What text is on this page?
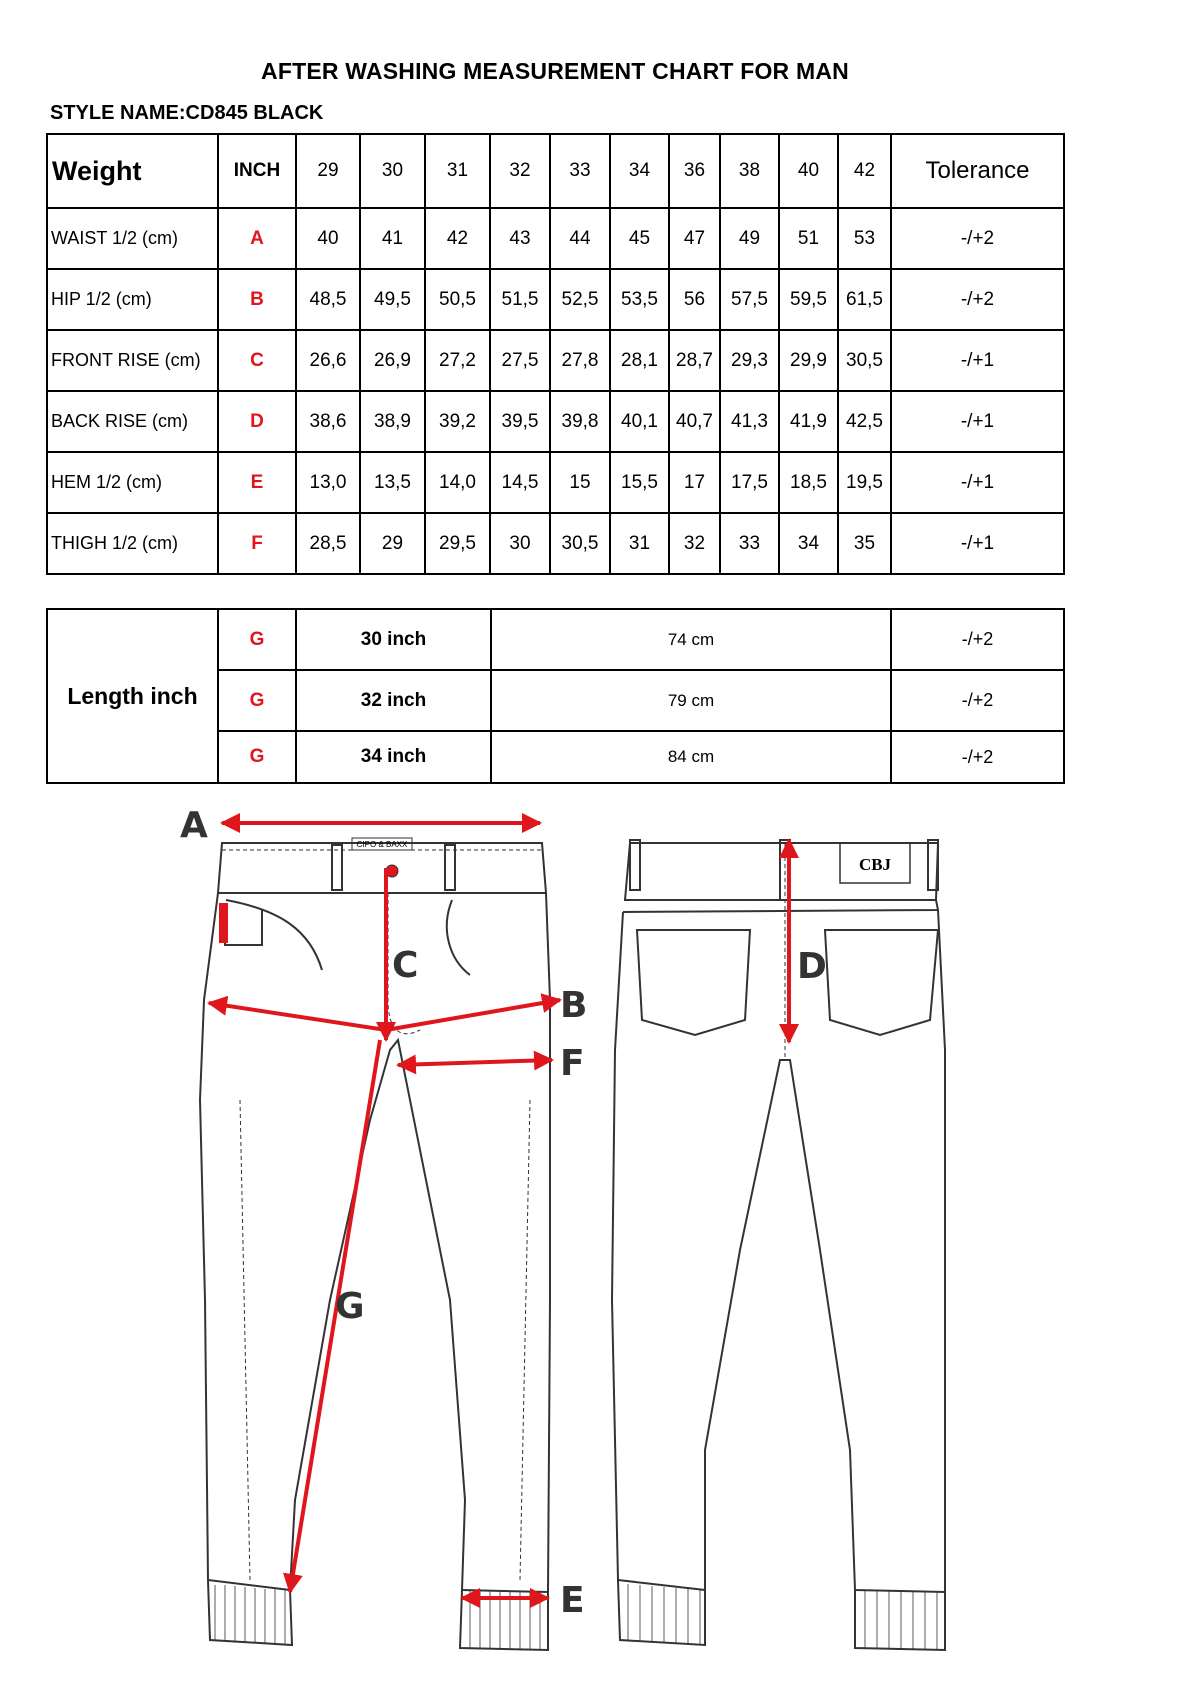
AFTER WASHING MEASUREMENT CHART FOR MAN
STYLE NAME:CD845 BLACK
Weight	INCH	29	30	31	32	33	34	36	38	40	42	Tolerance
WAIST 1/2 (cm)	A	40	41	42	43	44	45	47	49	51	53	-/+2
HIP 1/2 (cm)	B	48,5	49,5	50,5	51,5	52,5	53,5	56	57,5	59,5	61,5	-/+2
FRONT RISE (cm)	C	26,6	26,9	27,2	27,5	27,8	28,1	28,7	29,3	29,9	30,5	-/+1
BACK RISE (cm)	D	38,6	38,9	39,2	39,5	39,8	40,1	40,7	41,3	41,9	42,5	-/+1
HEM 1/2 (cm)	E	13,0	13,5	14,0	14,5	15	15,5	17	17,5	18,5	19,5	-/+1
THIGH 1/2 (cm)	F	28,5	29	29,5	30	30,5	31	32	33	34	35	-/+1
Length inch	G	30 inch	74 cm	-/+2
	G	32 inch	79 cm	-/+2
	G	34 inch	84 cm	-/+2
CIPO & BAXX
CBJ
A
B
C	D
E
F
G
